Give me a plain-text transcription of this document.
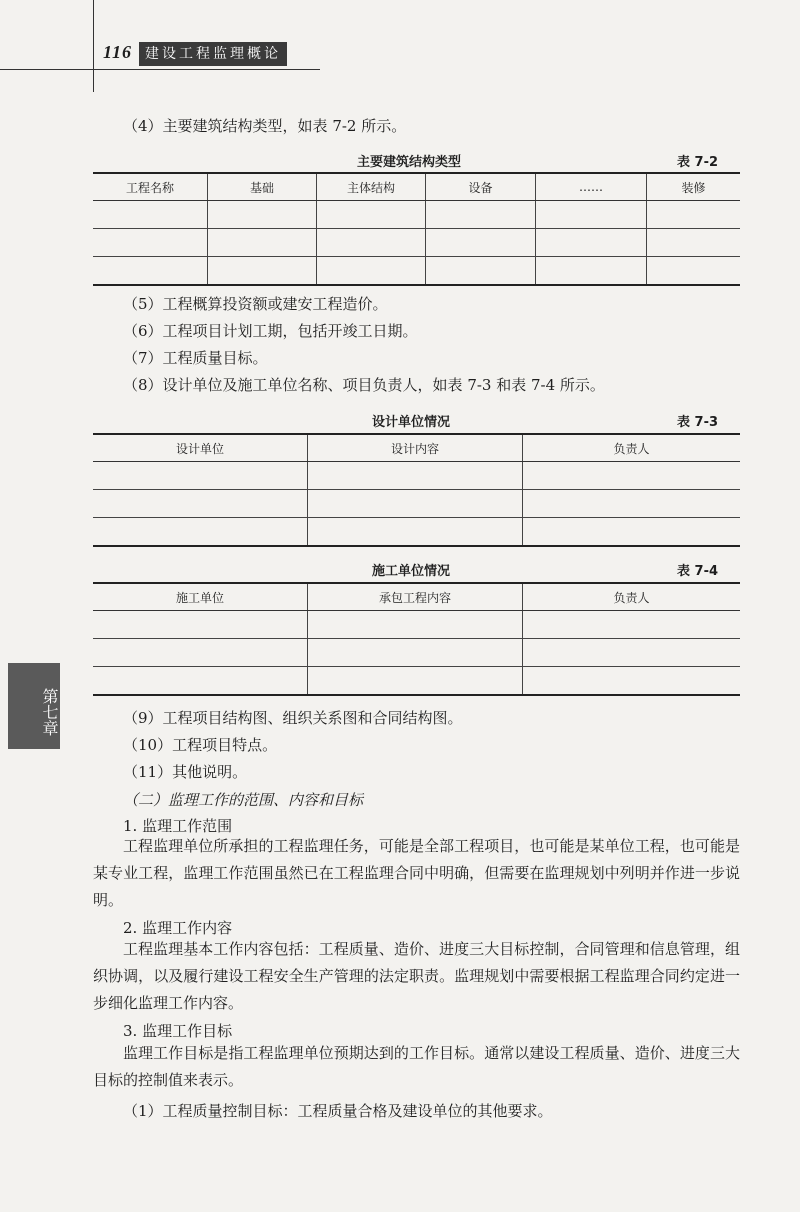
116 建设工程监理概论
第七章
（4）主要建筑结构类型，如表 7-2 所示。
主要建筑结构类型	表 7-2
工程名称	基础	主体结构	设备	……	装修

（5）工程概算投资额或建安工程造价。
（6）工程项目计划工期，包括开竣工日期。
（7）工程质量目标。
（8）设计单位及施工单位名称、项目负责人，如表 7-3 和表 7-4 所示。
设计单位情况	表 7-3
设计单位	设计内容	负责人

施工单位情况	表 7-4
施工单位	承包工程内容	负责人

（9）工程项目结构图、组织关系图和合同结构图。
（10）工程项目特点。
（11）其他说明。
（二）监理工作的范围、内容和目标
1. 监理工作范围
工程监理单位所承担的工程监理任务，可能是全部工程项目，也可能是某单位工程，也可能是某专业工程，监理工作范围虽然已在工程监理合同中明确，但需要在监理规划中列明并作进一步说明。
2. 监理工作内容
工程监理基本工作内容包括：工程质量、造价、进度三大目标控制，合同管理和信息管理，组织协调，以及履行建设工程安全生产管理的法定职责。监理规划中需要根据工程监理合同约定进一步细化监理工作内容。
3. 监理工作目标
监理工作目标是指工程监理单位预期达到的工作目标。通常以建设工程质量、造价、进度三大目标的控制值来表示。
（1）工程质量控制目标：工程质量合格及建设单位的其他要求。
